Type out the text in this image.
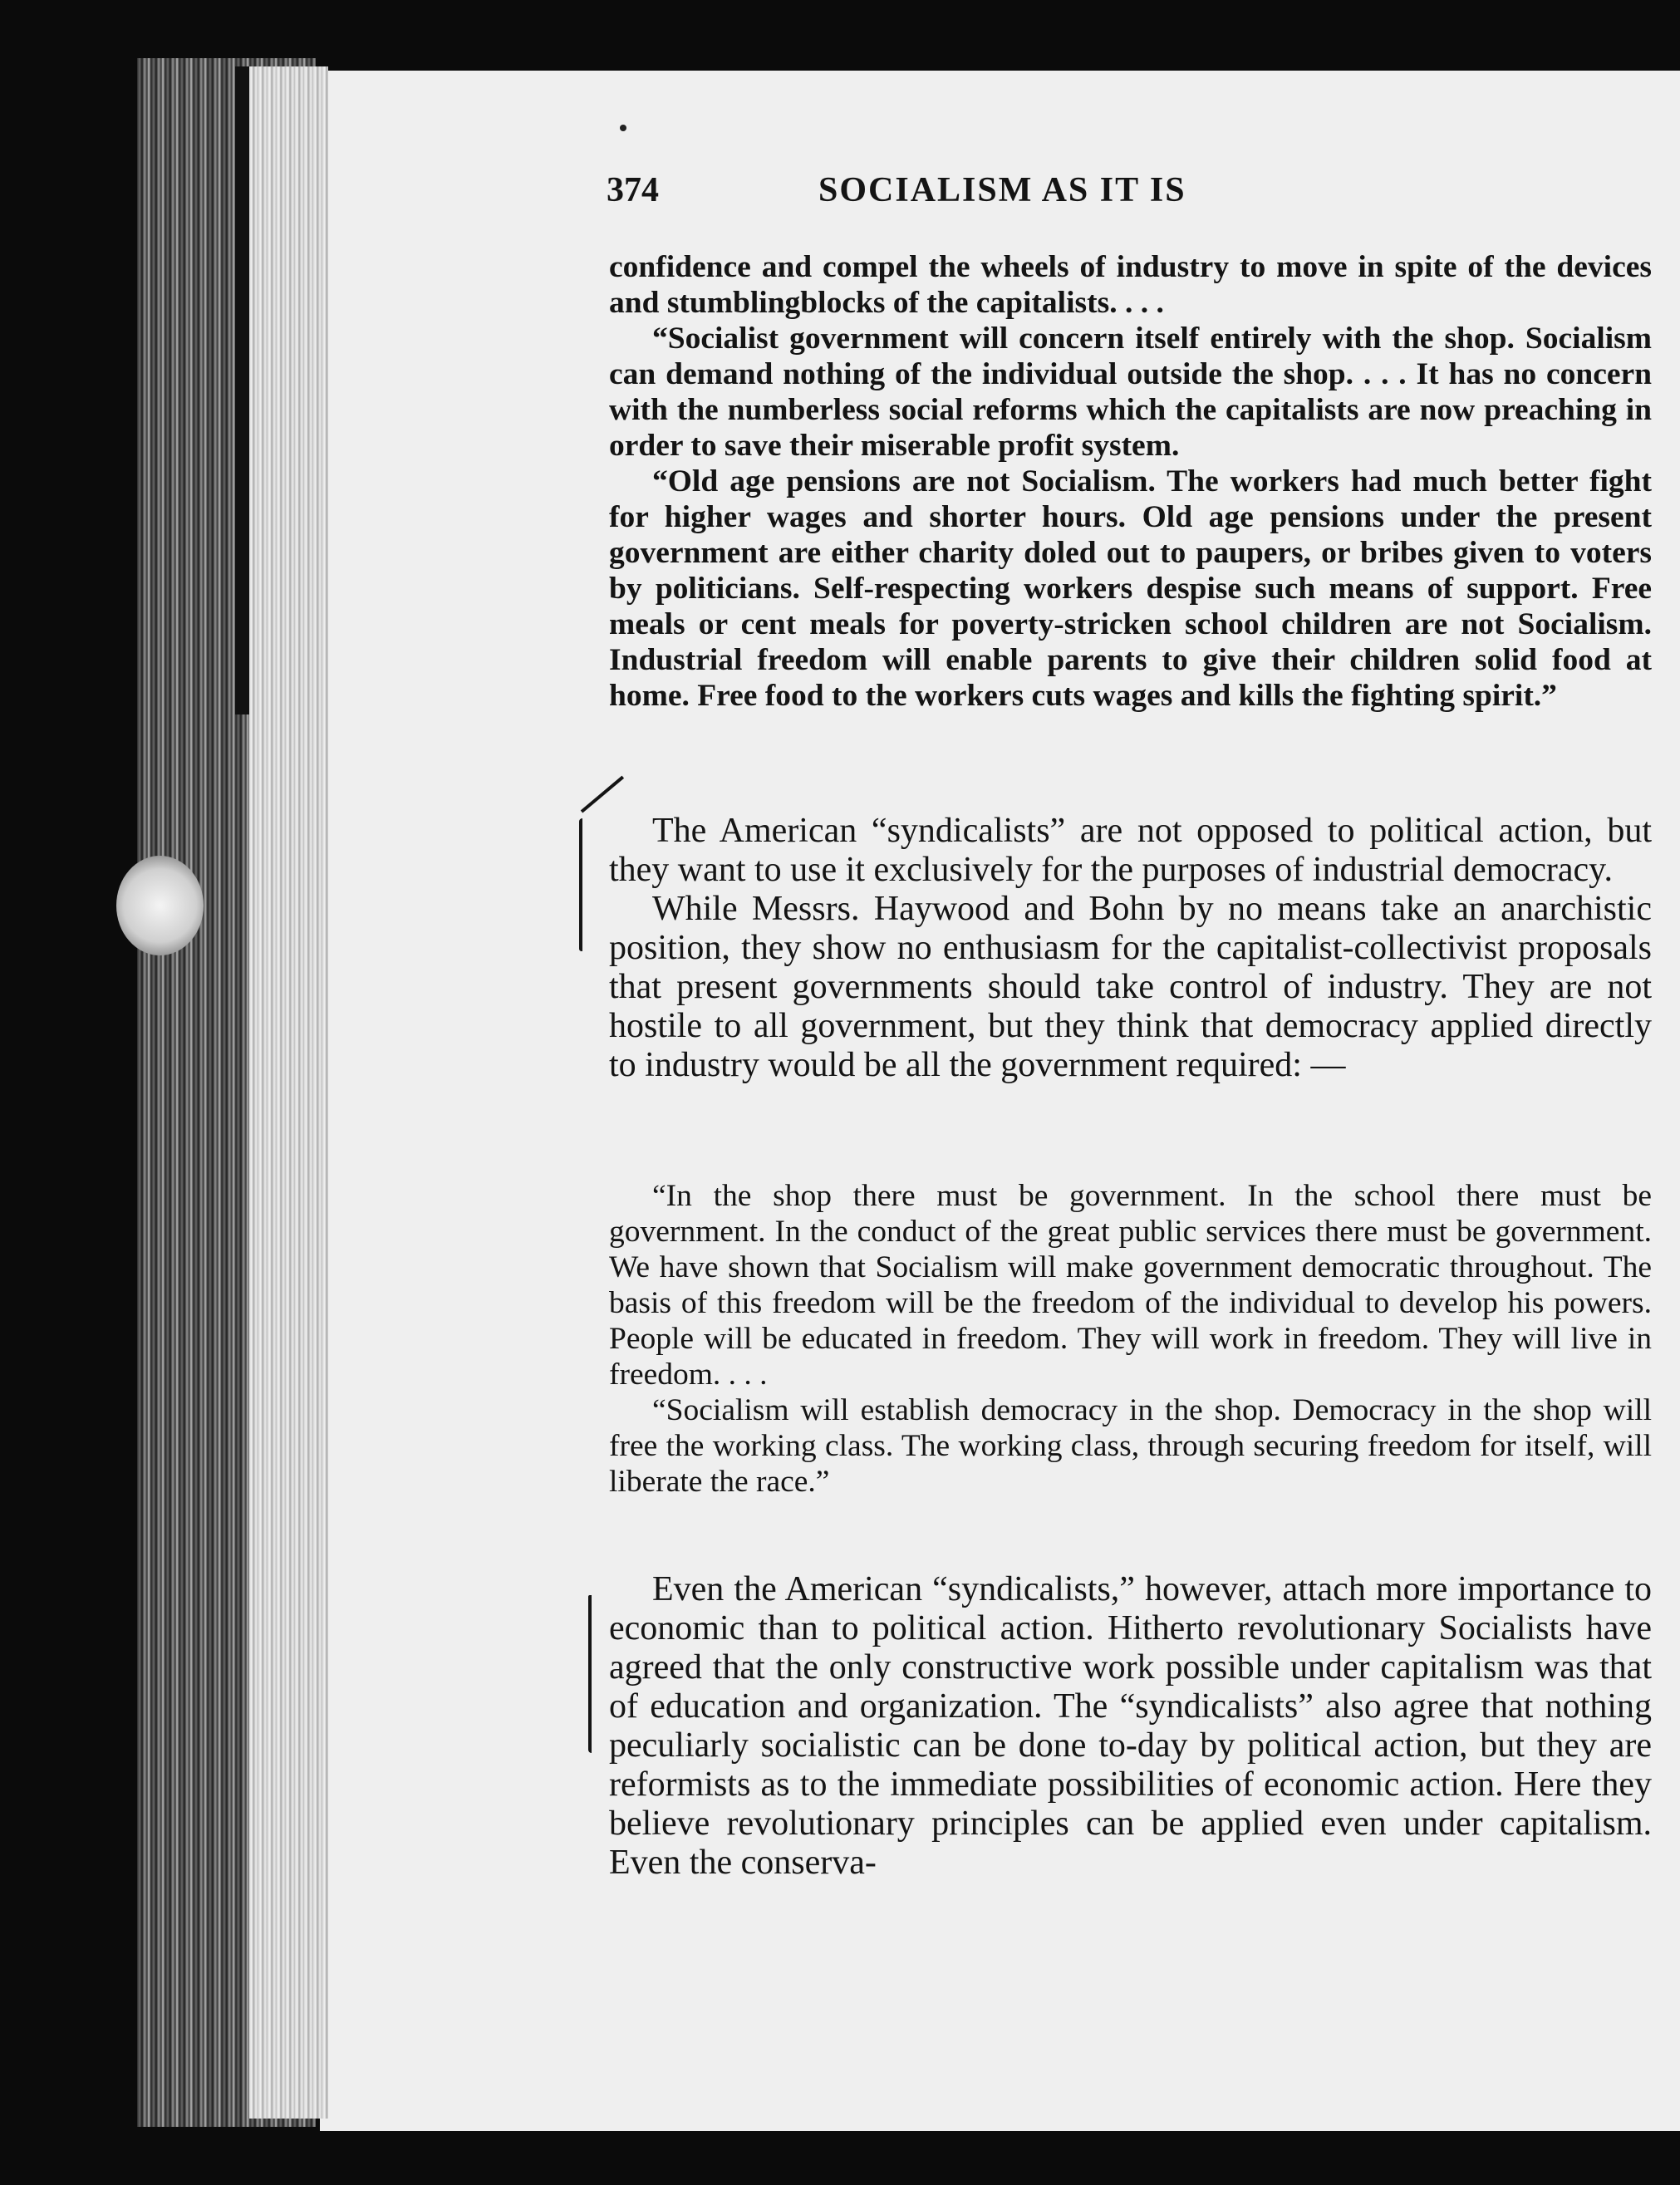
374	SOCIALISM AS IT IS

confidence and compel the wheels of industry to move in spite of the devices and stumblingblocks of the capitalists. . . .

“Socialist government will concern itself entirely with the shop. Socialism can demand nothing of the individual outside the shop. . . . It has no concern with the numberless social reforms which the capitalists are now preaching in order to save their miserable profit system.

“Old age pensions are not Socialism. The workers had much better fight for higher wages and shorter hours. Old age pensions under the present government are either charity doled out to paupers, or bribes given to voters by politicians. Self-respecting workers despise such means of support. Free meals or cent meals for poverty-stricken school children are not Socialism. Industrial freedom will enable parents to give their children solid food at home. Free food to the workers cuts wages and kills the fighting spirit.”

The American “syndicalists” are not opposed to political action, but they want to use it exclusively for the purposes of industrial democracy.

While Messrs. Haywood and Bohn by no means take an anarchistic position, they show no enthusiasm for the capitalist-collectivist proposals that present governments should take control of industry. They are not hostile to all government, but they think that democracy applied directly to industry would be all the government required: —

“In the shop there must be government. In the school there must be government. In the conduct of the great public services there must be government. We have shown that Socialism will make government democratic throughout. The basis of this freedom will be the freedom of the individual to develop his powers. People will be educated in freedom. They will work in freedom. They will live in freedom. . . .

“Socialism will establish democracy in the shop. Democracy in the shop will free the working class. The working class, through securing freedom for itself, will liberate the race.”

Even the American “syndicalists,” however, attach more importance to economic than to political action. Hitherto revolutionary Socialists have agreed that the only constructive work possible under capitalism was that of education and organization. The “syndicalists” also agree that nothing peculiarly socialistic can be done to-day by political action, but they are reformists as to the immediate possibilities of economic action. Here they believe revolutionary principles can be applied even under capitalism. Even the conserva-
